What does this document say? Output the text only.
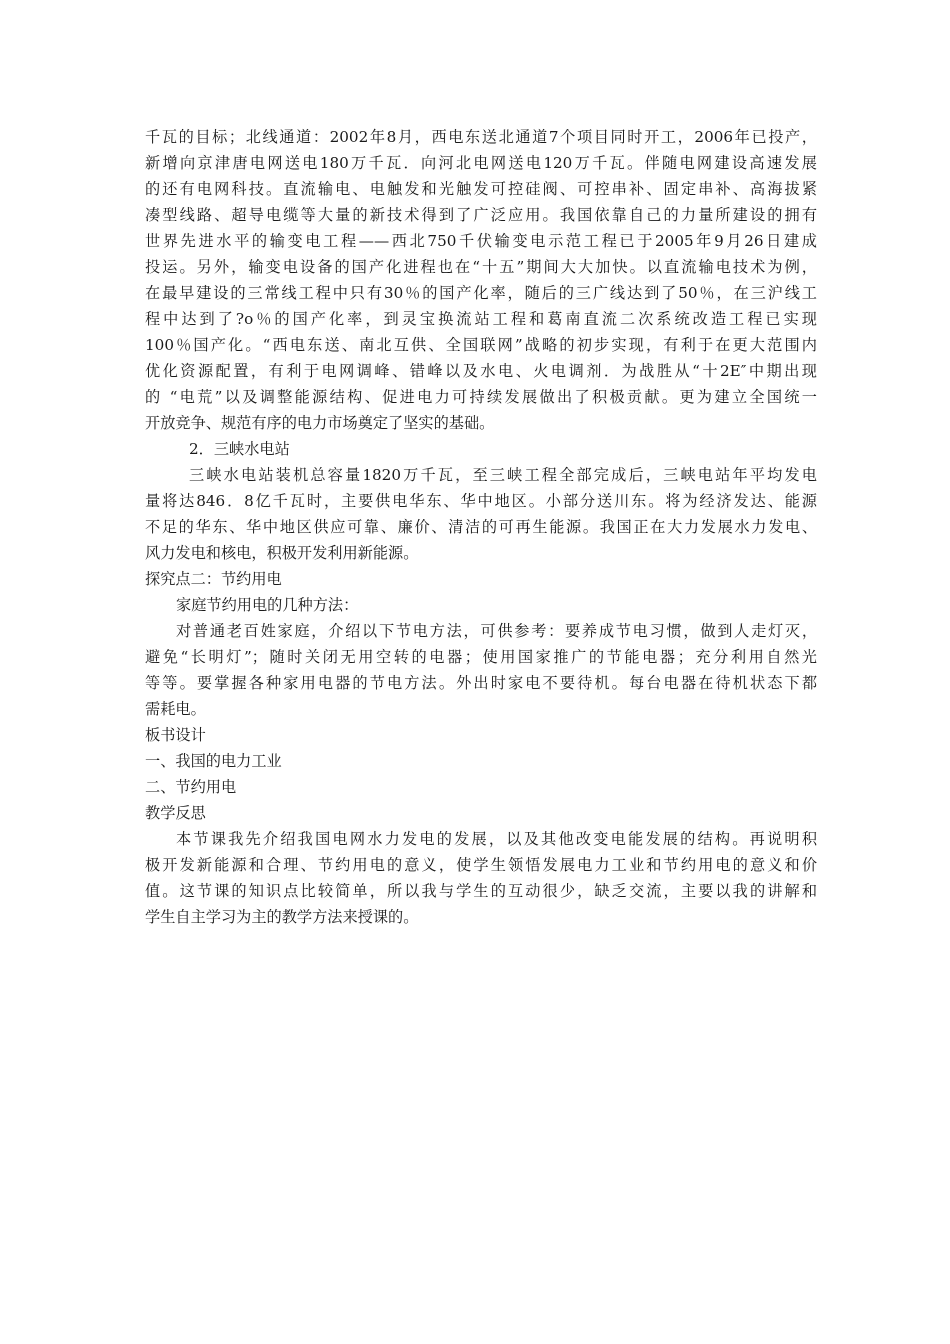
千瓦的目标；北线通道：2002年8月，西电东送北通道7个项目同时开工，2006年已投产，
新增向京津唐电网送电180万千瓦．向河北电网送电120万千瓦。伴随电网建设高速发展
的还有电网科技。直流输电、电触发和光触发可控硅阀、可控串补、固定串补、高海拔紧
凑型线路、超导电缆等大量的新技术得到了广泛应用。我国依靠自己的力量所建设的拥有
世界先进水平的输变电工程——西北750千伏输变电示范工程已于2005年9月26日建成
投运。另外，输变电设备的国产化进程也在“十五”期间大大加快。以直流输电技术为例，
在最早建设的三常线工程中只有30％的国产化率，随后的三广线达到了50％，在三沪线工
程中达到了?o％的国产化率，到灵宝换流站工程和葛南直流二次系统改造工程已实现
100％国产化。“西电东送、南北互供、全国联网”战略的初步实现，有利于在更大范围内
优化资源配置，有利于电网调峰、错峰以及水电、火电调剂．为战胜从“十2E″中期出现
的 “电荒”以及调整能源结构、促进电力可持续发展做出了积极贡献。更为建立全国统一
开放竞争、规范有序的电力市场奠定了坚实的基础。
2．三峡水电站
三峡水电站装机总容量1820万千瓦，至三峡工程全部完成后，三峡电站年平均发电
量将达846．8亿千瓦时，主要供电华东、华中地区。小部分送川东。将为经济发达、能源
不足的华东、华中地区供应可靠、廉价、清洁的可再生能源。我国正在大力发展水力发电、
风力发电和核电，积极开发利用新能源。
探究点二：节约用电
家庭节约用电的几种方法：
对普通老百姓家庭，介绍以下节电方法，可供参考：要养成节电习惯，做到人走灯灭，
避免“长明灯”；随时关闭无用空转的电器；使用国家推广的节能电器；充分利用自然光
等等。要掌握各种家用电器的节电方法。外出时家电不要待机。每台电器在待机状态下都
需耗电。
板书设计
一、我国的电力工业
二、节约用电
教学反思
本节课我先介绍我国电网水力发电的发展，以及其他改变电能发展的结构。再说明积
极开发新能源和合理、节约用电的意义，使学生领悟发展电力工业和节约用电的意义和价
值。这节课的知识点比较简单，所以我与学生的互动很少，缺乏交流，主要以我的讲解和
学生自主学习为主的教学方法来授课的。
